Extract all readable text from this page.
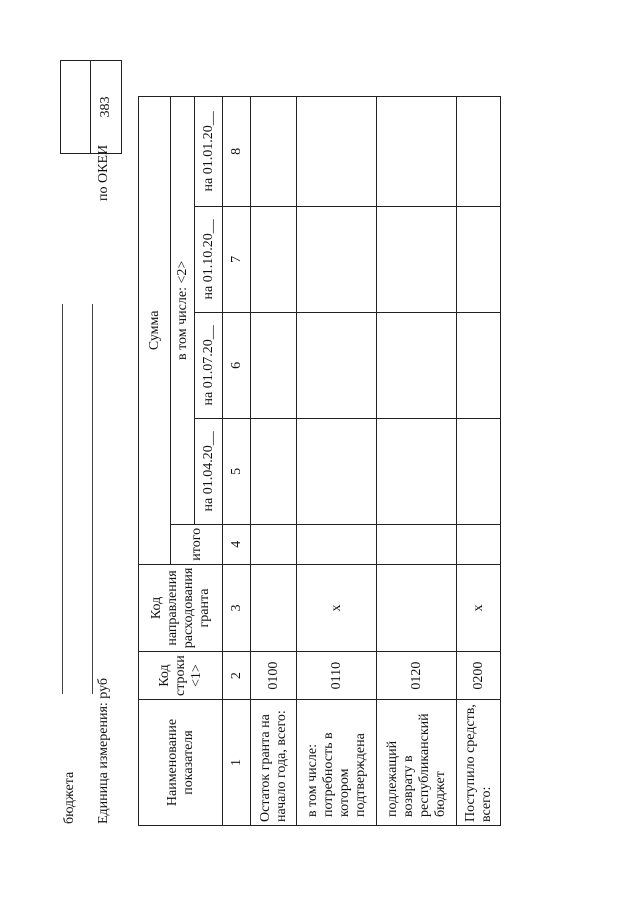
бюджета Единица измерения: руб
по ОКЕИ
383
Наименование показателя	Код строки <1>	Код направления расходования гранта	Сумма				
			итого	в том числе: <2>			
				на 01.04.20__	на 01.07.20__	на 01.10.20__	на 01.01.20__
1	2	3	4	5	6	7	8
Остаток гранта на начало года, всего:	0100						
в том числе: потребность в котором подтверждена	0110	x					
подлежащий возврату в республиканский бюджет	0120						
Поступило средств, всего:	0200	x					
